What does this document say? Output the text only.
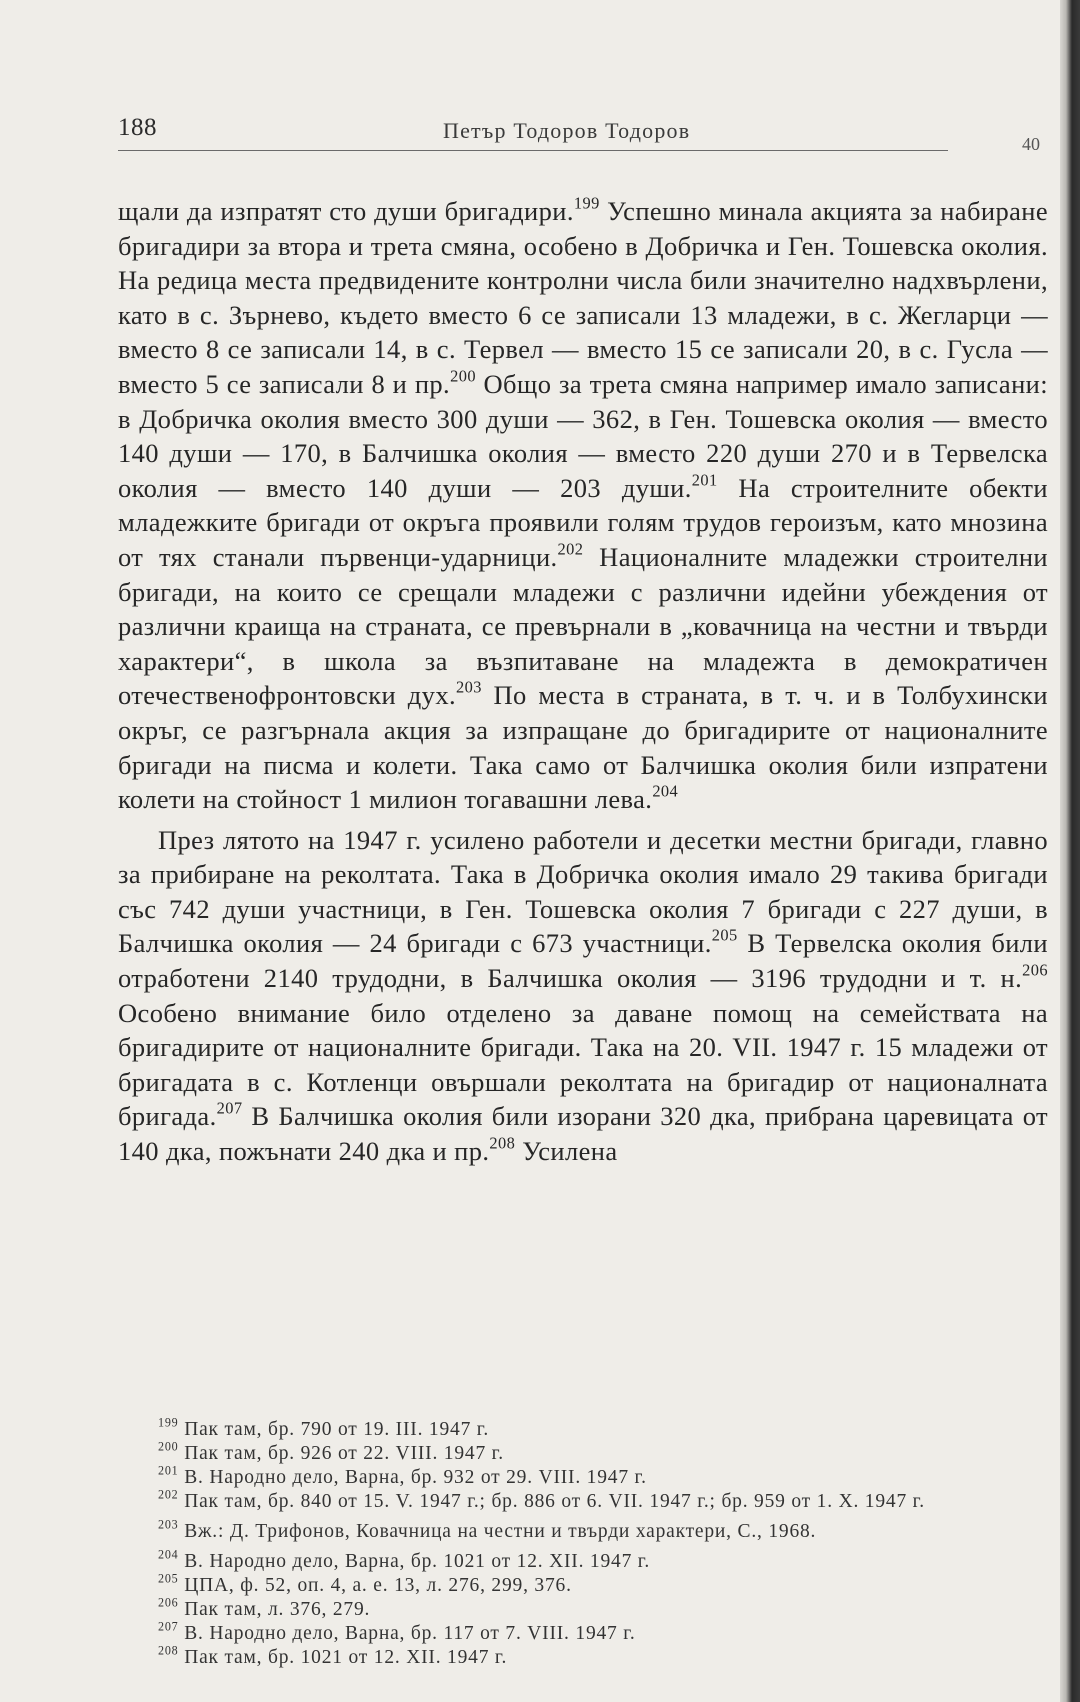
188	Петър Тодоров Тодоров
40

щали да изпратят сто души бригадири.$^{199}$ Успешно минала акцията за набиране бригадири за втора и трета смяна, особено в Добричка и Ген. Тошевска околия. На редица места предвидените контролни числа били значително надхвърлени, като в с. Зърнево, където вместо 6 се записали 13 младежи, в с. Жегларци — вместо 8 се записали 14, в с. Тервел — вместо 15 се записали 20, в с. Гусла — вместо 5 се записали 8 и пр.$^{200}$ Общо за трета смяна например имало записани: в Добричка околия вместо 300 души — 362, в Ген. Тошевска околия — вместо 140 души — 170, в Балчишка околия — вместо 220 души 270 и в Тервелска околия — вместо 140 души — 203 души.$^{201}$ На строителните обекти младежките бригади от окръга проявили голям трудов героизъм, като мнозина от тях станали първенци-ударници.$^{202}$ Националните младежки строителни бригади, на които се срещали младежи с различни идейни убеждения от различни краища на страната, се превърнали в „ковачница на честни и твърди характери“, в школа за възпитаване на младежта в демократичен отечественофронтовски дух.$^{203}$ По места в страната, в т. ч. и в Толбухински окръг, се разгърнала акция за изпращане до бригадирите от националните бригади на писма и колети. Така само от Балчишка околия били изпратени колети на стойност 1 милион тогавашни лева.$^{204}$

През лятото на 1947 г. усилено работели и десетки местни бригади, главно за прибиране на реколтата. Така в Добричка околия имало 29 такива бригади със 742 души участници, в Ген. Тошевска околия 7 бригади с 227 души, в Балчишка околия — 24 бригади с 673 участници.$^{205}$ В Тервелска околия били отработени 2140 трудодни, в Балчишка околия — 3196 трудодни и т. н.$^{206}$ Особено внимание било отделено за даване помощ на семействата на бригадирите от националните бригади. Така на 20. VII. 1947 г. 15 младежи от бригадата в с. Котленци овършали реколтата на бригадир от националната бригада.$^{207}$ В Балчишка околия били изорани 320 дка, прибрана царевицата от 140 дка, пожънати 240 дка и пр.$^{208}$ Усилена

$^{199}$ Пак там, бр. 790 от 19. III. 1947 г.

$^{200}$ Пак там, бр. 926 от 22. VIII. 1947 г.

$^{201}$ В. Народно дело, Варна, бр. 932 от 29. VIII. 1947 г.

$^{202}$ Пак там, бр. 840 от 15. V. 1947 г.; бр. 886 от 6. VII. 1947 г.; бр. 959 от 1. X. 1947 г.

$^{203}$ Вж.: Д. Трифонов, Ковачница на честни и твърди характери, С., 1968.

$^{204}$ В. Народно дело, Варна, бр. 1021 от 12. XII. 1947 г.

$^{205}$ ЦПА, ф. 52, оп. 4, а. е. 13, л. 276, 299, 376.

$^{206}$ Пак там, л. 376, 279.

$^{207}$ В. Народно дело, Варна, бр. 117 от 7. VIII. 1947 г.

$^{208}$ Пак там, бр. 1021 от 12. XII. 1947 г.
